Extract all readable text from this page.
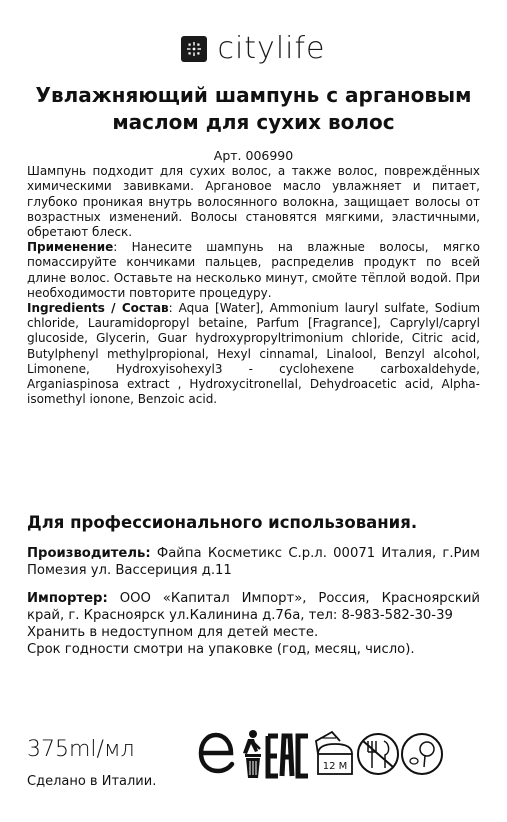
citylife
Увлажняющий шампунь с аргановым маслом для сухих волос
Арт. 006990
Шампунь подходит для сухих волос, а также волос, повреждённых химическими завивками. Аргановое масло увлажняет и питает, глубоко проникая внутрь волосянного волокна, защищает волосы от возрастных изменений. Волосы становятся мягкими, эластичными, обретают блеск.
Применение: Нанесите шампунь на влажные волосы, мягко помассируйте кончиками пальцев, распределив продукт по всей длине волос. Оставьте на несколько минут, смойте тёплой водой. При необходимости повторите процедуру.
Ingredients / Состав: Aqua [Water], Ammonium lauryl sulfate, Sodium chloride, Lauramidopropyl betaine, Parfum [Fragrance], Caprylyl/capryl glucoside, Glycerin, Guar hydroxypropyltrimonium chloride, Citric acid, Butylphenyl methylpropional, Hexyl cinnamal, Linalool, Benzyl alcohol, Limonene, Hydroxyisohexyl3 - cyclohexene carboxaldehyde, Arganiaspinosa extract , Hydroxycitronellal, Dehydroacetic acid, Alpha-isomethyl ionone, Benzoic acid.
Для профессионального использования.
Производитель: Файпа Косметикс С.р.л. 00071 Италия, г.Рим Помезия ул. Вассериция д.11
Импортер: ООО «Капитал Импорт», Россия, Красноярский край, г. Красноярск ул.Калинина д.76а, тел: 8-983-582-30-39
Хранить в недоступном для детей месте.
Срок годности смотри на упаковке (год, месяц, число).
375ml/мл
Сделано в Италии.
12 M
